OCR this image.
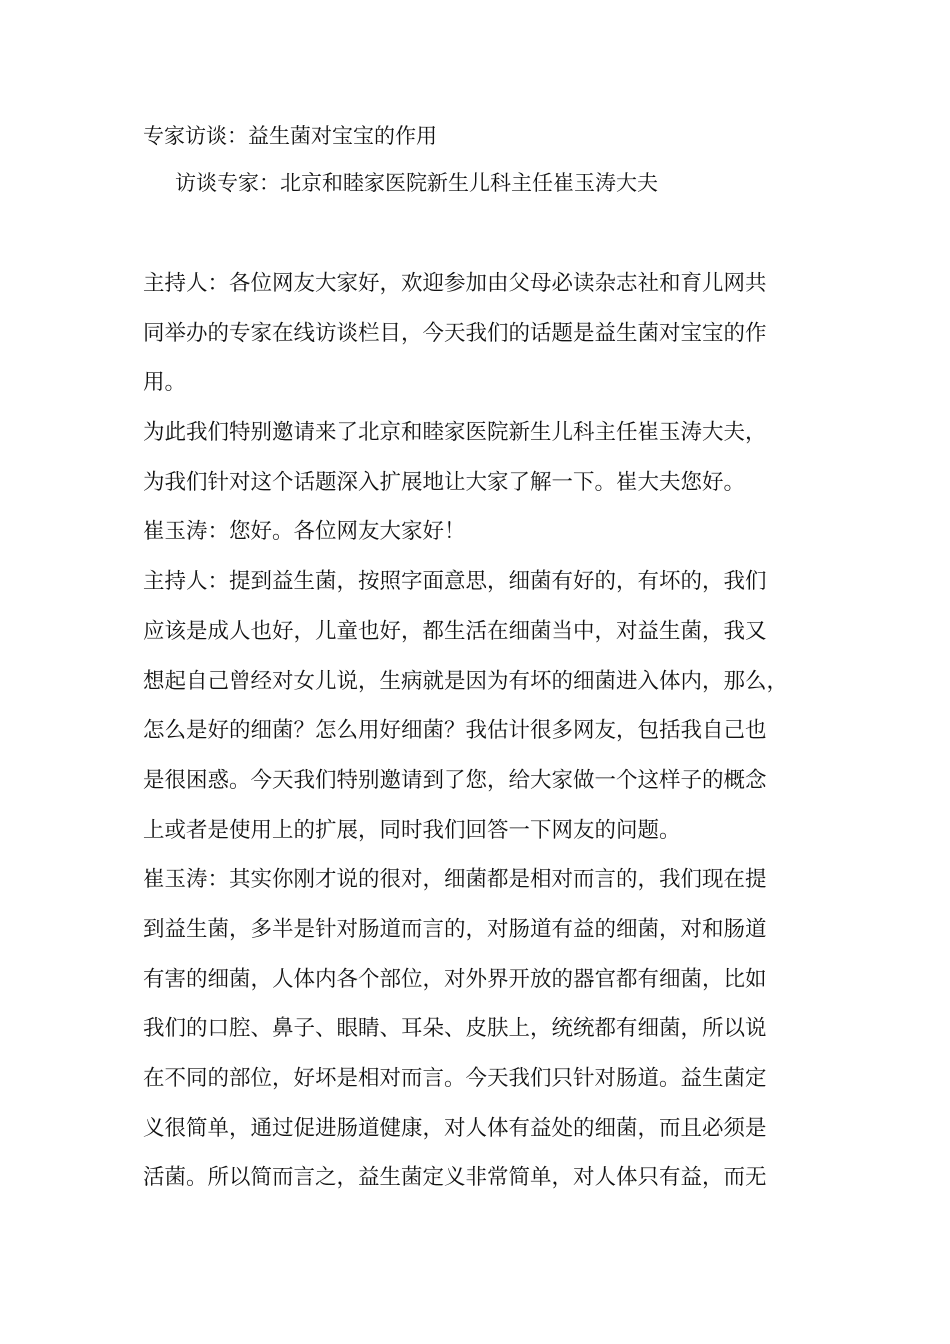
专家访谈：益生菌对宝宝的作用
访谈专家：北京和睦家医院新生儿科主任崔玉涛大夫
主持人：各位网友大家好，欢迎参加由父母必读杂志社和育儿网共
同举办的专家在线访谈栏目，今天我们的话题是益生菌对宝宝的作
用。
为此我们特别邀请来了北京和睦家医院新生儿科主任崔玉涛大夫，
为我们针对这个话题深入扩展地让大家了解一下。崔大夫您好。
崔玉涛：您好。各位网友大家好！
主持人：提到益生菌，按照字面意思，细菌有好的，有坏的，我们
应该是成人也好，儿童也好，都生活在细菌当中，对益生菌，我又
想起自己曾经对女儿说，生病就是因为有坏的细菌进入体内，那么，
怎么是好的细菌？怎么用好细菌？我估计很多网友，包括我自己也
是很困惑。今天我们特别邀请到了您，给大家做一个这样子的概念
上或者是使用上的扩展，同时我们回答一下网友的问题。
崔玉涛：其实你刚才说的很对，细菌都是相对而言的，我们现在提
到益生菌，多半是针对肠道而言的，对肠道有益的细菌，对和肠道
有害的细菌，人体内各个部位，对外界开放的器官都有细菌，比如
我们的口腔、鼻子、眼睛、耳朵、皮肤上，统统都有细菌，所以说
在不同的部位，好坏是相对而言。今天我们只针对肠道。益生菌定
义很简单，通过促进肠道健康，对人体有益处的细菌，而且必须是
活菌。所以简而言之，益生菌定义非常简单，对人体只有益，而无
